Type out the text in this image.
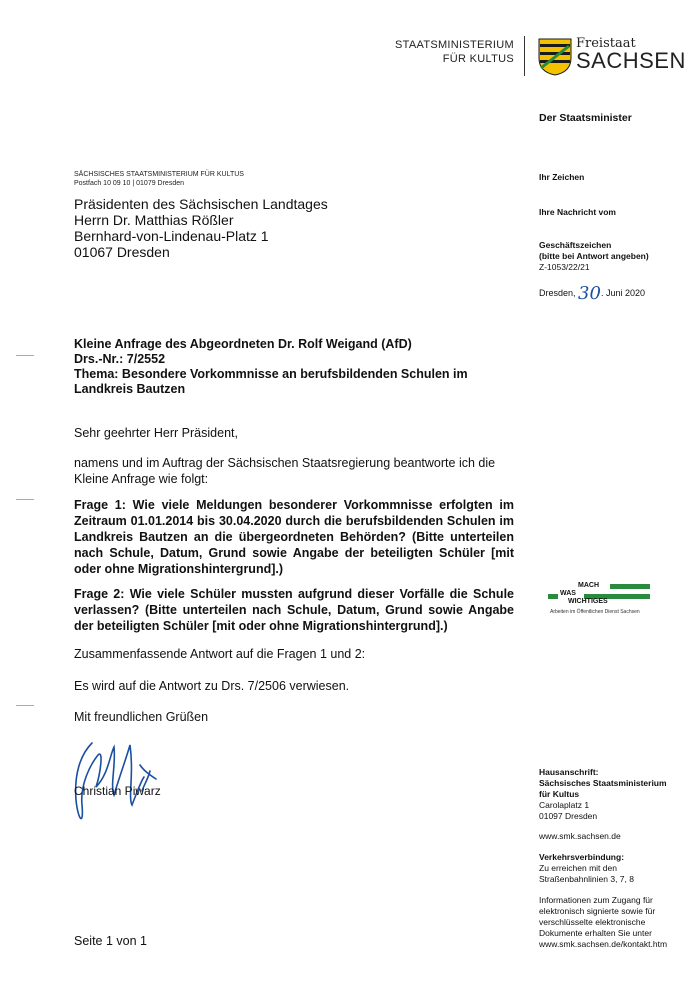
STAATSMINISTERIUM
FÜR KULTUS
Freistaat
SACHSEN
Der Staatsminister
SÄCHSISCHES STAATSMINISTERIUM FÜR KULTUS
Postfach 10 09 10 | 01079 Dresden
Präsidenten des Sächsischen Landtages
Herrn Dr. Matthias Rößler
Bernhard-von-Lindenau-Platz 1
01067 Dresden
Ihr Zeichen
Ihre Nachricht vom
Geschäftszeichen
(bitte bei Antwort angeben)
Z-1053/22/21
Dresden, 30. Juni 2020
Kleine Anfrage des Abgeordneten Dr. Rolf Weigand (AfD)
Drs.-Nr.: 7/2552
Thema: Besondere Vorkommnisse an berufsbildenden Schulen im
Landkreis Bautzen
Sehr geehrter Herr Präsident,
namens und im Auftrag der Sächsischen Staatsregierung beantworte ich die Kleine Anfrage wie folgt:
Frage 1: Wie viele Meldungen besonderer Vorkommnisse erfolgten im Zeitraum 01.01.2014 bis 30.04.2020 durch die berufsbildenden Schulen im Landkreis Bautzen an die übergeordneten Behörden? (Bitte unterteilen nach Schule, Datum, Grund sowie Angabe der beteiligten Schüler [mit oder ohne Migrationshintergrund].)
Frage 2: Wie viele Schüler mussten aufgrund dieser Vorfälle die Schule verlassen? (Bitte unterteilen nach Schule, Datum, Grund sowie Angabe der beteiligten Schüler [mit oder ohne Migrationshintergrund].)
Zusammenfassende Antwort auf die Fragen 1 und 2:
Es wird auf die Antwort zu Drs. 7/2506 verwiesen.
Mit freundlichen Grüßen
Christian Piwarz
Seite 1 von 1
MACH
WAS
WICHTIGES
Arbeiten im Öffentlichen Dienst Sachsen
Hausanschrift:
Sächsisches Staatsministerium
für Kultus
Carolaplatz 1
01097 Dresden
www.smk.sachsen.de
Verkehrsverbindung:
Zu erreichen mit den
Straßenbahnlinien 3, 7, 8
Informationen zum Zugang für
elektronisch signierte sowie für
verschlüsselte elektronische
Dokumente erhalten Sie unter
www.smk.sachsen.de/kontakt.htm
